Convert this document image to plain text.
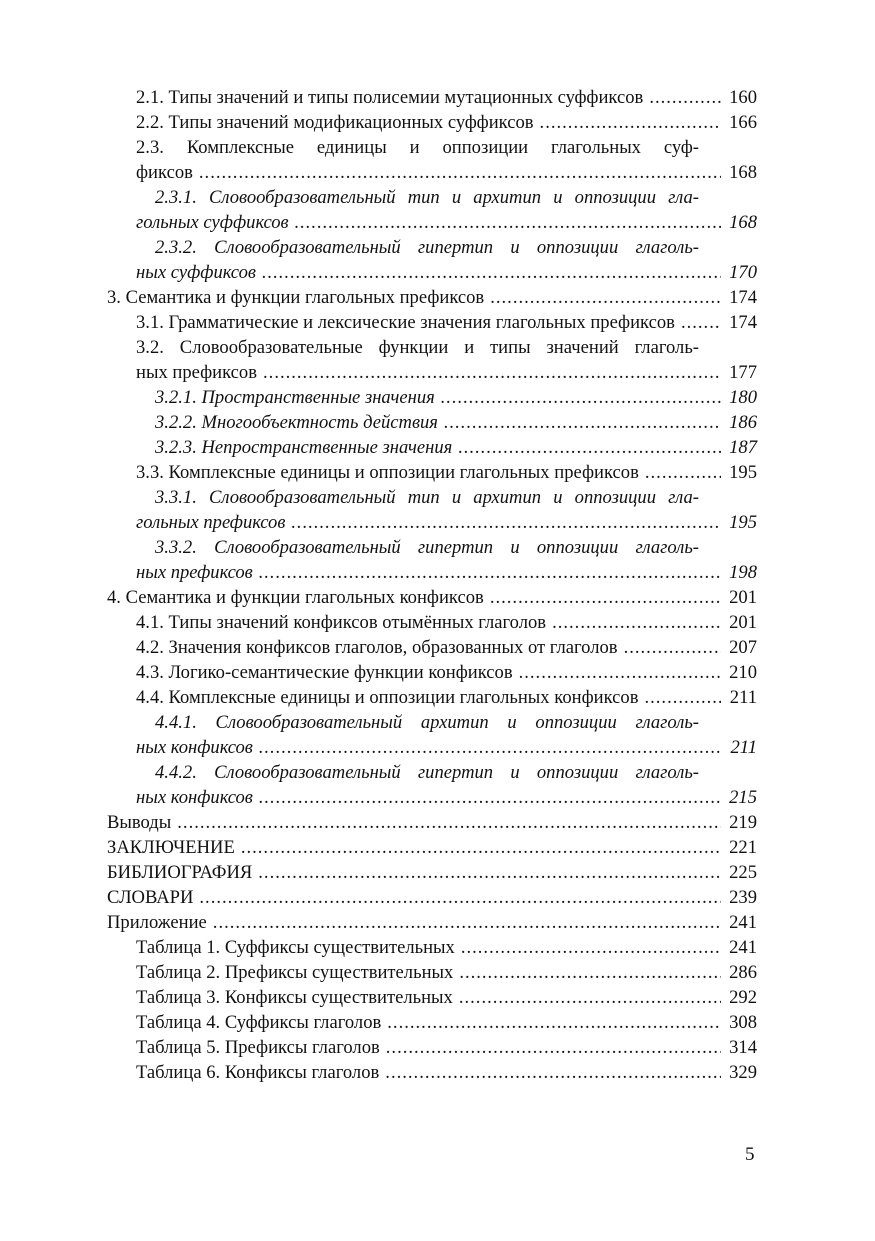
2.1. Типы значений и типы полисемии мутационных суффиксов .....	160
2.2. Типы значений модификационных суффиксов .....	166
2.3. Комплексные единицы и оппозиции глагольных суф-
фиксов .....	168
2.3.1. Словообразовательный тип и архитип и оппозиции гла-
гольных суффиксов .....	168
2.3.2. Словообразовательный гипертип и оппозиции глаголь-
ных суффиксов .....	170
3. Семантика и функции глагольных префиксов .....	174
3.1. Грамматические и лексические значения глагольных префиксов .....	174
3.2. Словообразовательные функции и типы значений глаголь-
ных префиксов .....	177
3.2.1. Пространственные значения .....	180
3.2.2. Многообъектность действия .....	186
3.2.3. Непространственные значения .....	187
3.3. Комплексные единицы и оппозиции глагольных префиксов .....	195
3.3.1. Словообразовательный тип и архитип и оппозиции гла-
гольных префиксов .....	195
3.3.2. Словообразовательный гипертип и оппозиции глаголь-
ных префиксов .....	198
4. Семантика и функции глагольных конфиксов .....	201
4.1. Типы значений конфиксов отымённых глаголов .....	201
4.2. Значения конфиксов глаголов, образованных от глаголов .....	207
4.3. Логико-семантические функции конфиксов .....	210
4.4. Комплексные единицы и оппозиции глагольных конфиксов .....	211
4.4.1. Словообразовательный архитип и оппозиции глаголь-
ных конфиксов .....	211
4.4.2. Словообразовательный гипертип и оппозиции глаголь-
ных конфиксов .....	215
Выводы .....	219
ЗАКЛЮЧЕНИЕ .....	221
БИБЛИОГРАФИЯ .....	225
СЛОВАРИ .....	239
Приложение .....	241
Таблица 1. Суффиксы существительных .....	241
Таблица 2. Префиксы существительных .....	286
Таблица 3. Конфиксы существительных .....	292
Таблица 4. Суффиксы глаголов .....	308
Таблица 5. Префиксы глаголов .....	314
Таблица 6. Конфиксы глаголов .....	329
5
